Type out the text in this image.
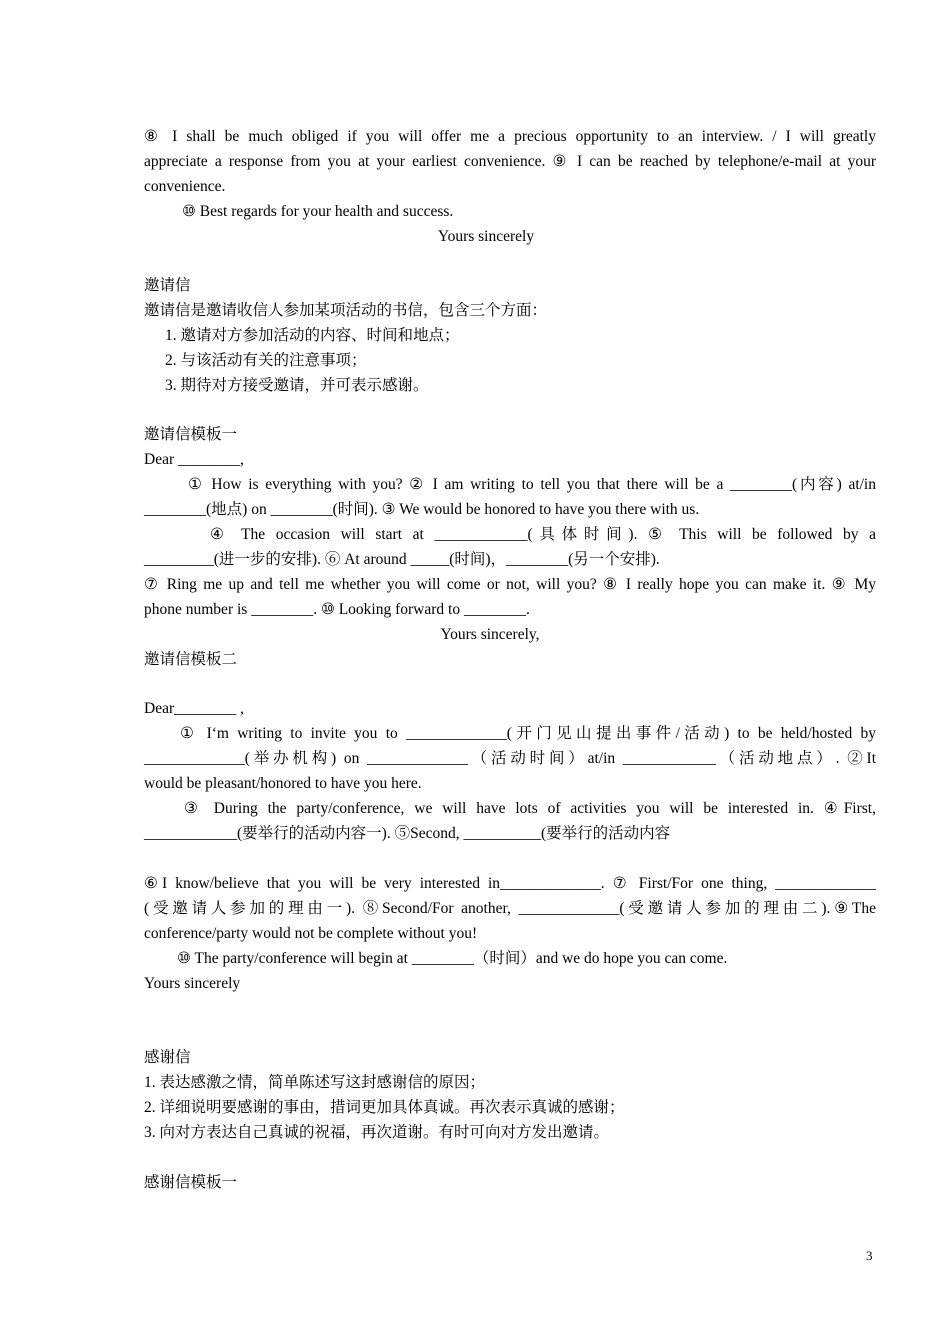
⑧ I shall be much obliged if you will offer me a precious opportunity to an interview. / I will greatly
appreciate a response from you at your earliest convenience. ⑨ I can be reached by telephone/e-mail at your
convenience.
⑩ Best regards for your health and success.
Yours sincerely
邀请信
邀请信是邀请收信人参加某项活动的书信，包含三个方面：
1. 邀请对方参加活动的内容、时间和地点；
2. 与该活动有关的注意事项；
3. 期待对方接受邀请，并可表示感谢。
邀请信模板一
Dear ________,
① How is everything with you? ② I am writing to tell you that there will be a ________(内容) at/in
________(地点) on ________(时间). ③ We would be honored to have you there with us.
④ The occasion will start at ____________(具体时间). ⑤ This will be followed by a
_________(进一步的安排). ⑥ At around _____(时间)，________(另一个安排).
⑦ Ring me up and tell me whether you will come or not, will you? ⑧ I really hope you can make it. ⑨ My
phone number is ________. ⑩ Looking forward to ________.
Yours sincerely,
邀请信模板二
Dear________ ,
① I‘m writing to invite you to _____________(开门见山提出事件/活动) to be held/hosted by
_____________(举办机构) on _____________（活动时间）at/in ____________（活动地点）. ②It
would be pleasant/honored to have you here.
③ During the party/conference, we will have lots of activities you will be interested in. ④First,
____________(要举行的活动内容一). ⑤Second, __________(要举行的活动内容
⑥I know/believe that you will be very interested in_____________. ⑦ First/For one thing, _____________
(受邀请人参加的理由一). ⑧Second/For another, _____________(受邀请人参加的理由二).⑨The
conference/party would not be complete without you!
⑩ The party/conference will begin at ________（时间）and we do hope you can come.
Yours sincerely
感谢信
1. 表达感激之情，简单陈述写这封感谢信的原因；
2. 详细说明要感谢的事由，措词更加具体真诚。再次表示真诚的感谢；
3. 向对方表达自己真诚的祝福，再次道谢。有时可向对方发出邀请。
感谢信模板一
3
